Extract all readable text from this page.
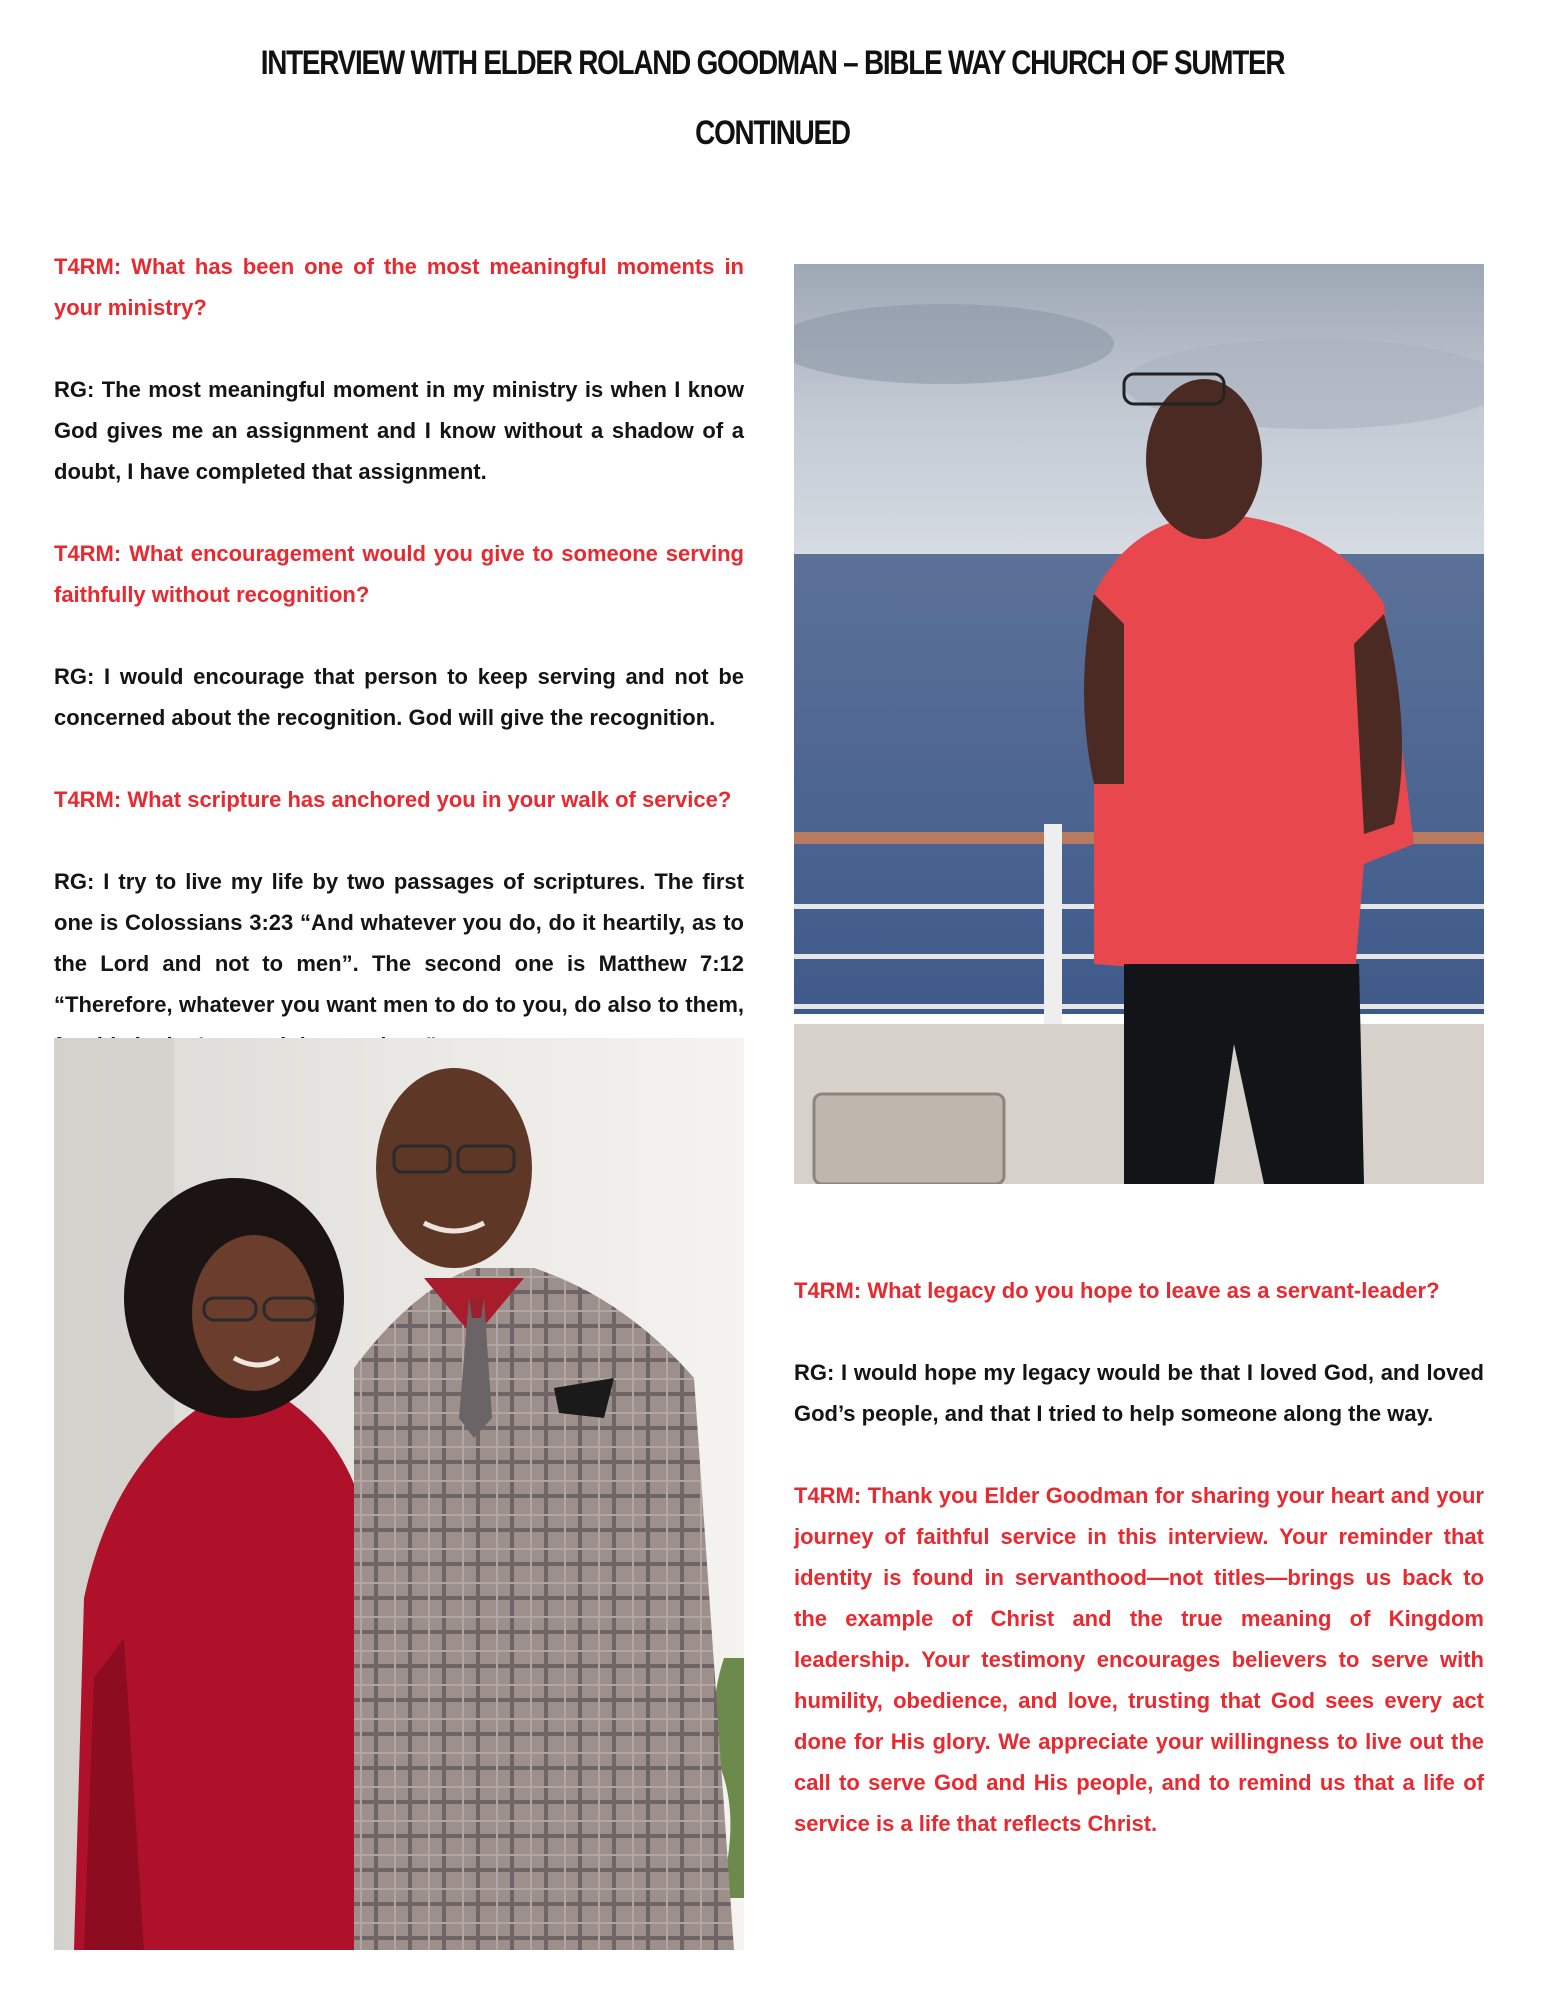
INTERVIEW WITH ELDER ROLAND GOODMAN – BIBLE WAY CHURCH OF SUMTER
CONTINUED

T4RM: What has been one of the most meaningful moments in your ministry?

RG: The most meaningful moment in my ministry is when I know God gives me an assignment and I know without a shadow of a doubt, I have completed that assignment.

T4RM: What encouragement would you give to someone serving faithfully without recognition?

RG: I would encourage that person to keep serving and not be concerned about the recognition. God will give the recognition.

T4RM: What scripture has anchored you in your walk of service?

RG: I try to live my life by two passages of scriptures. The first one is Colossians 3:23 “And whatever you do, do it heartily, as to the Lord and not to men”. The second one is Matthew 7:12 “Therefore, whatever you want men to do to you, do also to them,

T4RM: What legacy do you hope to leave as a servant-leader?

RG: I would hope my legacy would be that I loved God, and loved God’s people, and that I tried to help someone along the way.

T4RM: Thank you Elder Goodman for sharing your heart and your journey of faithful service in this interview. Your reminder that identity is found in servanthood—not titles—brings us back to the example of Christ and the true meaning of Kingdom leadership. Your testimony encourages believers to serve with humility, obedience, and love, trusting that God sees every act done for His glory. We appreciate your willingness to live out the call to serve God and His people, and to remind us that a life of service is a life that reflects Christ.
